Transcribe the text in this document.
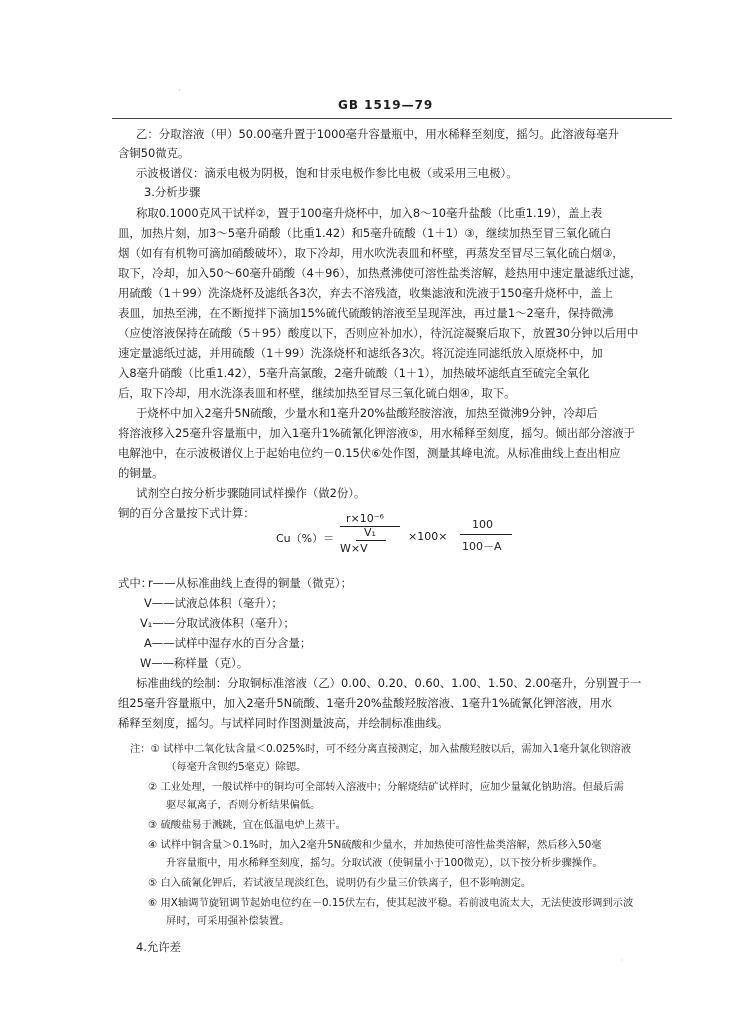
·
GB 1519—79
乙：分取溶液（甲）50.00毫升置于1000毫升容量瓶中，用水稀释至刻度，摇匀。此溶液每毫升
含铜50微克。
示波极谱仪：滴汞电极为阴极，饱和甘汞电极作参比电极（或采用三电极）。
3.分析步骤
称取0.1000克风干试样②，置于100毫升烧杯中，加入8～10毫升盐酸（比重1.19），盖上表
皿，加热片刻，加3～5毫升硝酸（比重1.42）和5毫升硫酸（1＋1）③，继续加热至冒三氧化硫白
烟（如有有机物可滴加硝酸破坏），取下冷却，用水吹洗表皿和杯壁，再蒸发至冒尽三氧化硫白烟③，
取下，冷却，加入50～60毫升硝酸（4＋96），加热煮沸使可溶性盐类溶解，趁热用中速定量滤纸过滤，
用硫酸（1＋99）洗涤烧杯及滤纸各3次，弃去不溶残渣，收集滤液和洗液于150毫升烧杯中，盖上
表皿，加热至沸，在不断搅拌下滴加15%硫代硫酸钠溶液至呈现浑浊，再过量1～2毫升，保持微沸
（应使溶液保持在硫酸（5＋95）酸度以下，否则应补加水），待沉淀凝聚后取下，放置30分钟以后用中
速定量滤纸过滤，并用硫酸（1＋99）洗涤烧杯和滤纸各3次。将沉淀连同滤纸放入原烧杯中，加
入8毫升硝酸（比重1.42），5毫升高氯酸，2毫升硫酸（1＋1），加热破坏滤纸直至硫完全氧化
后，取下冷却，用水洗涤表皿和杯壁，继续加热至冒尽三氧化硫白烟④，取下。
于烧杯中加入2毫升5N硫酸，少量水和1毫升20%盐酸羟胺溶液，加热至微沸9分钟，冷却后
将溶液移入25毫升容量瓶中，加入1毫升1%硫氰化钾溶液⑤，用水稀释至刻度，摇匀。倾出部分溶液于
电解池中，在示波极谱仪上于起始电位约－0.15伏⑥处作图，测量其峰电流。从标准曲线上查出相应
的铜量。
试剂空白按分析步骤随同试样操作（做2份）。
铜的百分含量按下式计算：
Cu（%）＝
r×10⁻⁶
V₁
W×V
×100×
100
100－A
式中：
r——从标准曲线上查得的铜量（微克）；
V——试液总体积（毫升）；
V₁——分取试液体积（毫升）；
A——试样中湿存水的百分含量；
W——称样量（克）。
标准曲线的绘制：分取铜标准溶液（乙）0.00、0.20、0.60、1.00、1.50、2.00毫升，分别置于一
组25毫升容量瓶中，加入2毫升5N硫酸、1毫升20%盐酸羟胺溶液、1毫升1%硫氰化钾溶液，用水
稀释至刻度，摇匀。与试样同时作图测量波高，并绘制标准曲线。
注：① 试样中二氧化钛含量＜0.025%时，可不经分离直接测定，加入盐酸羟胺以后，需加入1毫升氯化钡溶液
（每毫升含钡约5毫克）除锶。
② 工业处理，一般试样中的铜均可全部转入溶液中；分解烧结矿试样时，应加少量氟化钠助溶。但最后需
驱尽氟离子，否则分析结果偏低。
③ 硫酸盐易于溅跳，宜在低温电炉上蒸干。
④ 试样中铜含量＞0.1%时，加入2毫升5N硫酸和少量水，并加热使可溶性盐类溶解，然后移入50毫
升容量瓶中，用水稀释至刻度，摇匀。分取试液（使铜量小于100微克），以下按分析步骤操作。
⑤ 白入硫氰化钾后，若试液呈现淡红色，说明仍有少量三价铁离子，但不影响测定。
⑥ 用X轴调节旋钮调节起始电位约在－0.15伏左右，使其起波平稳。若前波电流太大，无法使波形调到示波
屏时，可采用强补偿装置。
4.允许差
·
